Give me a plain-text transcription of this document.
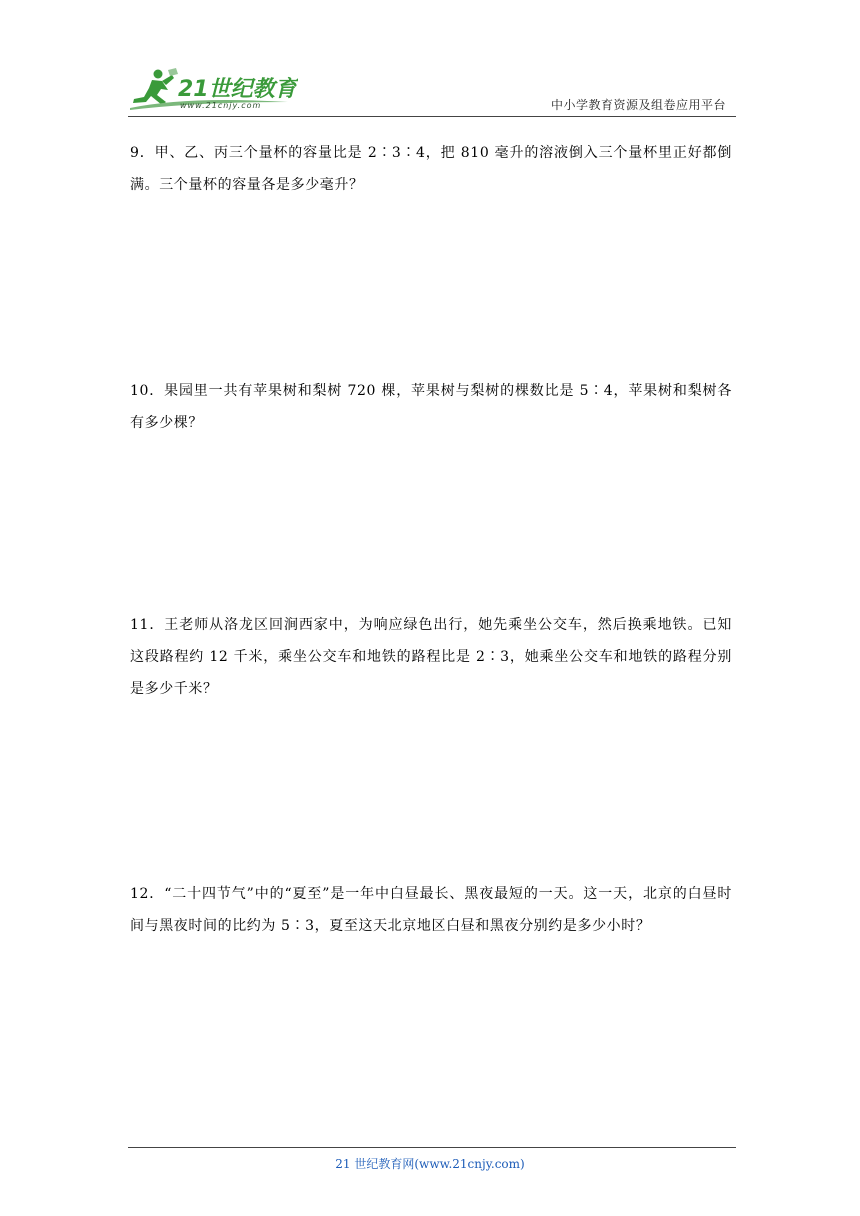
21世纪教育
www.21cnjy.com	中小学教育资源及组卷应用平台
9．甲、乙、丙三个量杯的容量比是 2∶3∶4，把 810 毫升的溶液倒入三个量杯里正好都倒满。三个量杯的容量各是多少毫升？
10．果园里一共有苹果树和梨树 720 棵，苹果树与梨树的棵数比是 5∶4，苹果树和梨树各有多少棵？
11．王老师从洛龙区回涧西家中，为响应绿色出行，她先乘坐公交车，然后换乘地铁。已知这段路程约 12 千米，乘坐公交车和地铁的路程比是 2∶3，她乘坐公交车和地铁的路程分别是多少千米？
12．“二十四节气”中的“夏至”是一年中白昼最长、黑夜最短的一天。这一天，北京的白昼时间与黑夜时间的比约为 5∶3，夏至这天北京地区白昼和黑夜分别约是多少小时？
21 世纪教育网(www.21cnjy.com)
